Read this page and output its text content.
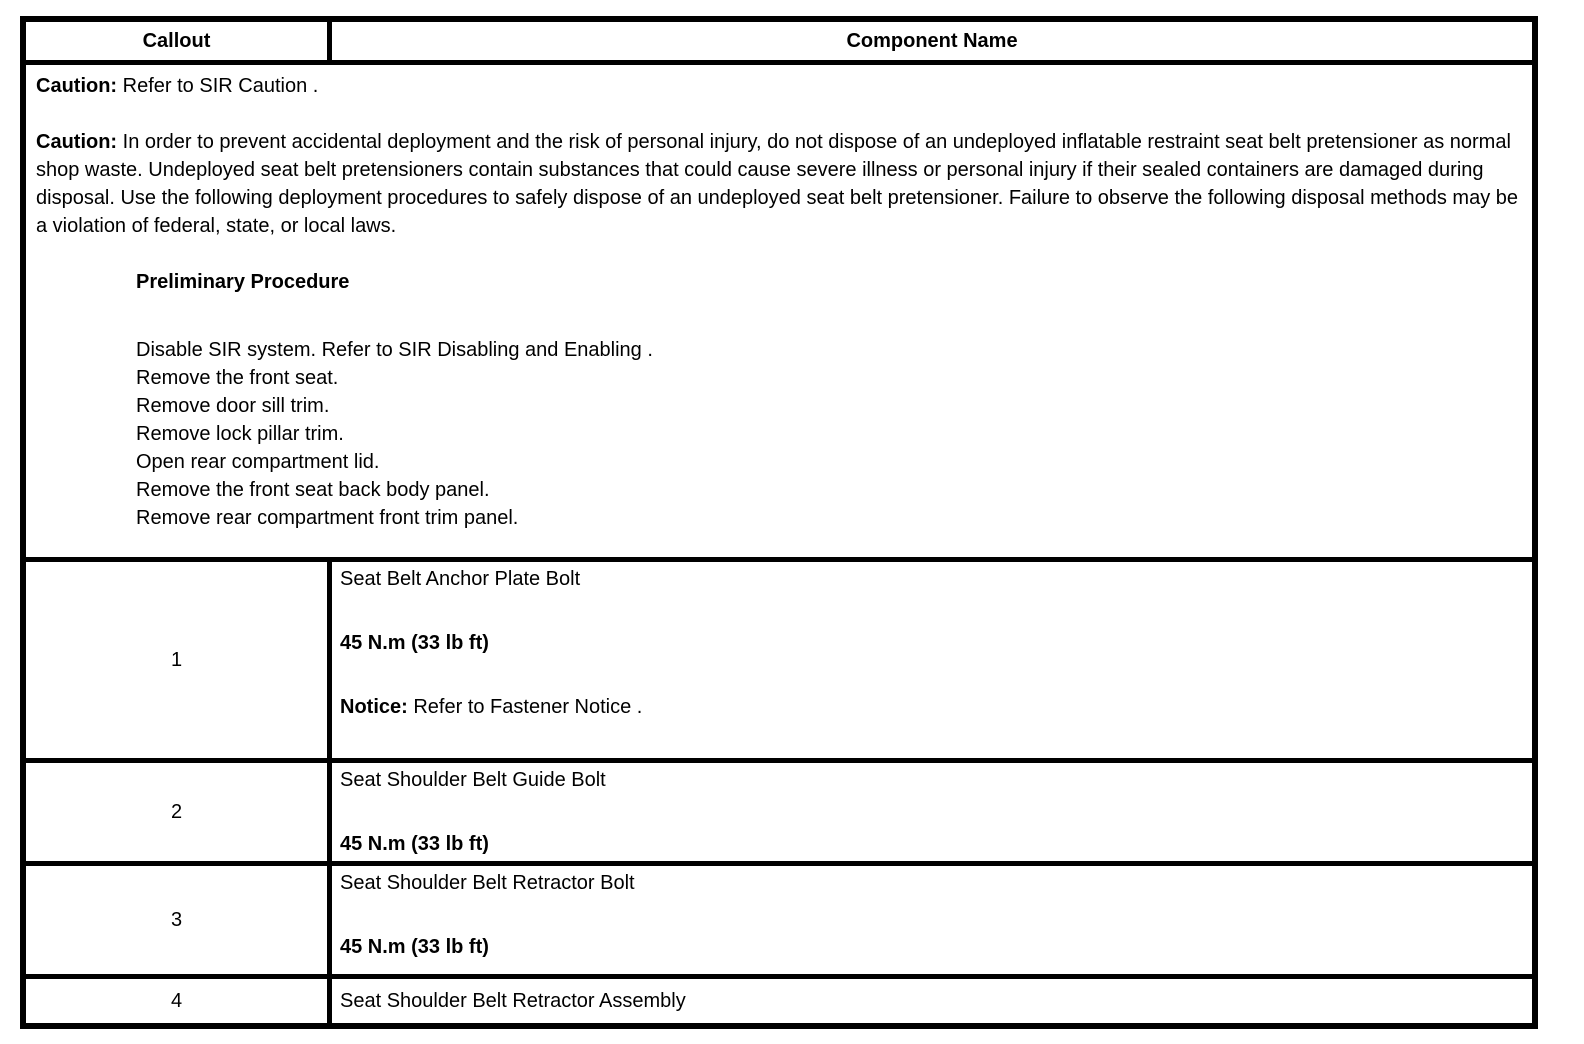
Callout	Component Name

Caution: Refer to SIR Caution .

Caution: In order to prevent accidental deployment and the risk of personal injury, do not dispose of an undeployed inflatable restraint seat belt pretensioner as normal shop waste. Undeployed seat belt pretensioners contain substances that could cause severe illness or personal injury if their sealed containers are damaged during disposal. Use the following deployment procedures to safely dispose of an undeployed seat belt pretensioner. Failure to observe the following disposal methods may be a violation of federal, state, or local laws.

Preliminary Procedure

Disable SIR system. Refer to SIR Disabling and Enabling .
Remove the front seat.
Remove door sill trim.
Remove lock pillar trim.
Open rear compartment lid.
Remove the front seat back body panel.
Remove rear compartment front trim panel.
1

Seat Belt Anchor Plate Bolt

45 N.m (33 lb ft)

Notice: Refer to Fastener Notice .

2

Seat Shoulder Belt Guide Bolt

45 N.m (33 lb ft)

3

Seat Shoulder Belt Retractor Bolt

45 N.m (33 lb ft)

4	Seat Shoulder Belt Retractor Assembly
